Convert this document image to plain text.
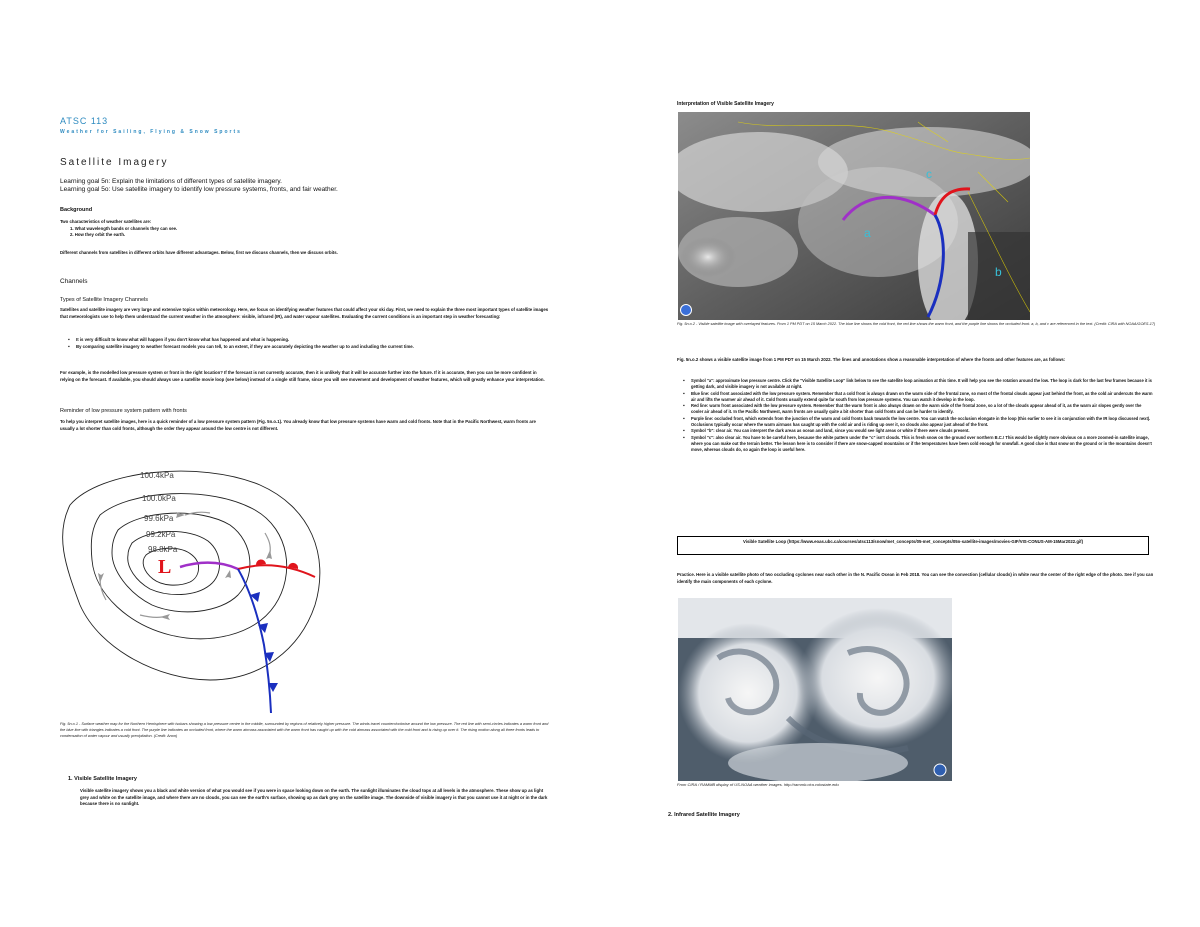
ATSC 113
Weather for Sailing, Flying & Snow Sports
Satellite Imagery
Learning goal 5n: Explain the limitations of different types of satellite imagery.
Learning goal 5o: Use satellite imagery to identify low pressure systems, fronts, and fair weather.
Background
Two characteristics of weather satellites are:
1. What wavelength bands or channels they can see.
2. How they orbit the earth.
Different channels from satellites in different orbits have different advantages. Below, first we discuss channels, then we discuss orbits.
Channels
Types of Satellite Imagery Channels
Satellites and satellite imagery are very large and extensive topics within meteorology. Here, we focus on identifying weather features that could affect your ski day. First, we need to explain the three most important types of satellite images that meteorologists use to help them understand the current weather in the atmosphere: visible, infrared (IR), and water vapour satellites. Evaluating the current conditions is an important step in weather forecasting:
▪ It is very difficult to know what will happen if you don't know what has happened and what is happening.
▪ By comparing satellite imagery to weather forecast models you can tell, to an extent, if they are accurately depicting the weather up to and including the current time.
For example, is the modelled low pressure system or front in the right location? If the forecast is not currently accurate, then it is unlikely that it will be accurate further into the future. If it is accurate, then you can be more confident in relying on the forecast. If available, you should always use a satellite movie loop (see below) instead of a single still frame, since you will see movement and development of weather features, which will greatly enhance your interpretation.
Reminder of low pressure system pattern with fronts
To help you interpret satellite images, here is a quick reminder of a low pressure system pattern (Fig. 5n.o.1). You already know that low pressure systems have warm and cold fronts. Note that in the Pacific Northwest, warm fronts are usually a lot shorter than cold fronts, although the order they appear around the low centre is not different.
100.4kPa
100.0kPa
99.6kPa
99.2kPa
98.8kPa
L
Fig. 5n.o.1 - Surface weather map for the Northern Hemisphere with isobars showing a low pressure centre in the middle, surrounded by regions of relatively higher pressure. The winds travel counterclockwise around the low pressure. The red line with semi-circles indicates a warm front and the blue line with triangles indicates a cold front. The purple line indicates an occluded front, where the warm airmass associated with the warm front has caught up with the cold airmass associated with the cold front and is rising up over it. The rising motion along all three fronts leads to condensation of water vapour and usually precipitation. (Credit: Anon)
1. Visible Satellite Imagery
Visible satellite imagery shows you a black and white version of what you would see if you were in space looking down on the earth. The sunlight illuminates the cloud tops at all levels in the atmosphere. These show up as light grey and white on the satellite image, and where there are no clouds, you can see the earth's surface, showing up as dark grey on the satellite image. The downside of visible imagery is that you cannot use it at night or in the dark because there is no sunlight.
Interpretation of Visible Satellite Imagery
a
b
c
Fig. 5n.o.2 - Visible satellite image with overlayed features. From 1 PM PDT on 15 March 2022. The blue line shows the cold front, the red line shows the warm front, and the purple line shows the occluded front. a, b, and c are referenced in the text. (Credit: CIRA with NOAA/GOES-17)
Fig. 5n.o.2 shows a visible satellite image from 1 PM PDT on 15 March 2022. The lines and annotations show a reasonable interpretation of where the fronts and other features are, as follows:
▪ Symbol "a": approximate low pressure centre. Click the "Visible Satellite Loop" link below to see the satellite loop animation at this time. It will help you see the rotation around the low. The loop is dark for the last few frames because it is getting dark, and visible imagery is not available at night.
▪ Blue line: cold front associated with the low pressure system. Remember that a cold front is always drawn on the warm side of the frontal zone, so most of the frontal clouds appear just behind the front, as the cold air undercuts the warm air and lifts the warmer air ahead of it. Cold fronts usually extend quite far south from low pressure systems. You can watch it develop in the loop.
▪ Red line: warm front associated with the low pressure system. Remember that the warm front is also always drawn on the warm side of the frontal zone, so a lot of the clouds appear ahead of it, as the warm air slopes gently over the cooler air ahead of it. In the Pacific Northwest, warm fronts are usually quite a bit shorter than cold fronts and can be harder to identify.
▪ Purple line: occluded front, which extends from the junction of the warm and cold fronts back towards the low centre. You can watch the occlusion elongate in the loop (this earlier to see it in conjunction with the IR loop discussed next). Occlusions typically occur where the warm airmass has caught up with the cold air and is riding up over it, so clouds also appear just ahead of the front.
▪ Symbol "b": clear air. You can interpret the dark areas as ocean and land, since you would see light areas or white if there were clouds present.
▪ Symbol "c": also clear air. You have to be careful here, because the white pattern under the "c" isn't clouds. This is fresh snow on the ground over northern B.C.! This would be slightly more obvious on a more zoomed-in satellite image, where you can make out the terrain better. The lesson here is to consider if there are snow-capped mountains or if the temperatures have been cold enough for snowfall. A good clue is that snow on the ground or in the mountains doesn't move, whereas clouds do, so again the loop is useful here.
Visible Satellite Loop (https://www.eoas.ubc.ca/courses/atsc113/snow/met_concepts/05-met_concepts/05n-satellite-images/movies-GIF/VIS-CONUS-AM-15Mar2022.gif)
Practice. Here is a visible satellite photo of two occluding cyclones near each other in the N. Pacific Ocean in Feb 2018. You can see the convection (cellular clouds) in white near the center of the right edge of the photo. See if you can identify the main components of each cyclone.
From CIRA / RAMMB display of US-NOAA weather images. http://rammb.cira.colostate.edu
2. Infrared Satellite Imagery
